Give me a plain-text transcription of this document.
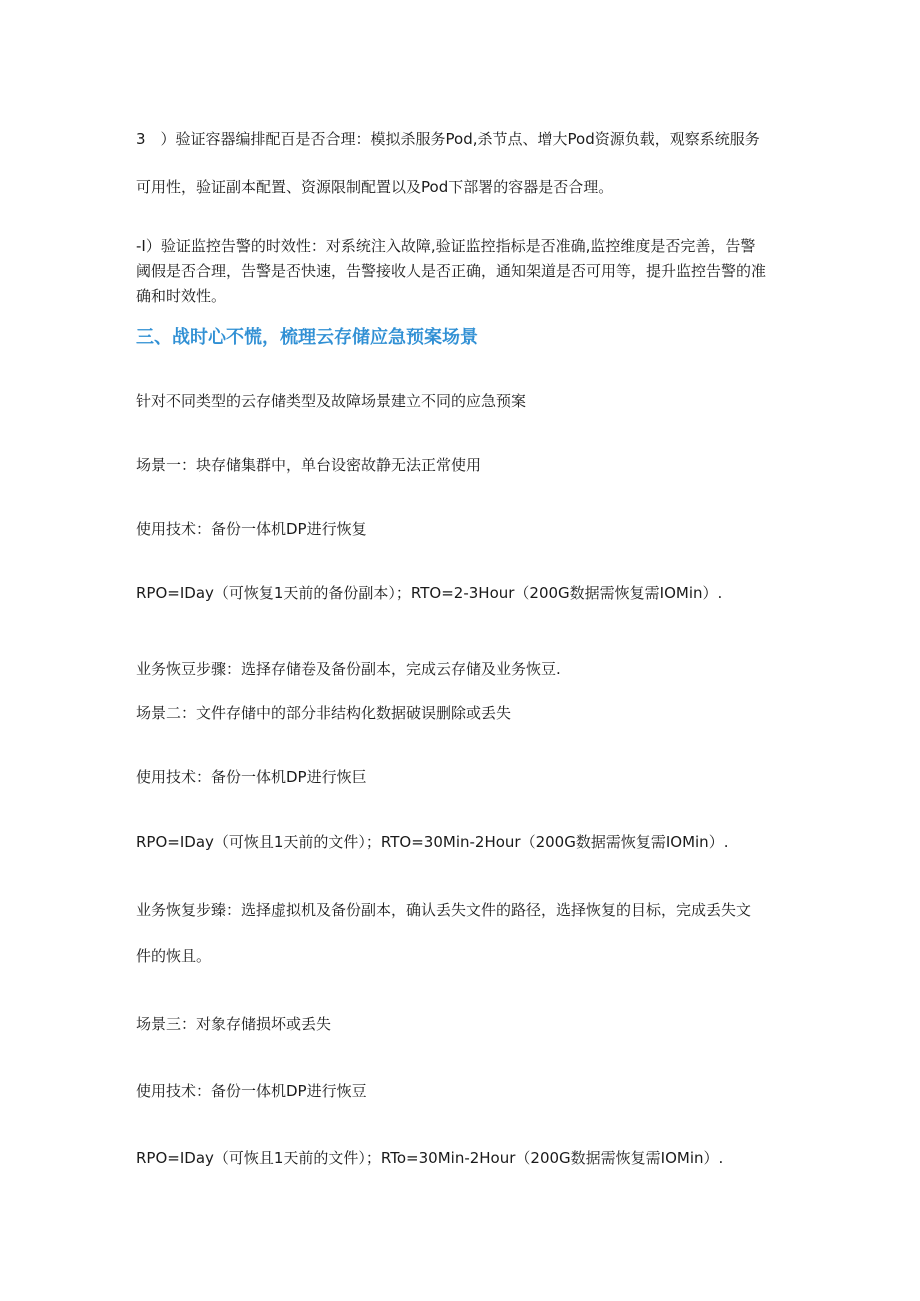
3　）验证容器编排配百是否合理：模拟杀服务Pod,杀节点、增大Pod资源负载，观察系统服务

可用性，验证副本配置、资源限制配置以及Pod下部署的容器是否合理。

-I）验证监控告警的时效性：对系统注入故障,验证监控指标是否准确,监控维度是否完善，告警

阈假是否合理，告警是否快速，告警接收人是否正确，通知架道是否可用等，提升监控告警的准

确和时效性。

三、战时心不慌，梳理云存储应急预案场景

针对不同类型的云存储类型及故障场景建立不同的应急预案

场景一：块存储集群中，单台设密故静无法正常使用

使用技术：备份一体机DP进行恢复

RPO=IDay（可恢复1天前的备份副本）；RTO=2-3Hour（200G数据需恢复需IOMin）.

业务恢豆步骤：选择存储卷及备份副本，完成云存储及业务恢豆.

场景二：文件存储中的部分非结构化数据破误删除或丢失

使用技术：备份一体机DP进行恢巨

RPO=IDay（可恢且1天前的文件）；RTO=30Min-2Hour（200G数据需恢复需IOMin）.

业务恢复步臻：选择虚拟机及备份副本，确认丢失文件的路径，选择恢复的目标，完成丢失文

件的恢且。

场景三：对象存储损坏或丢失

使用技术：备份一体机DP进行恢豆

RPO=IDay（可恢且1天前的文件）；RTo=30Min-2Hour（200G数据需恢复需IOMin）.
